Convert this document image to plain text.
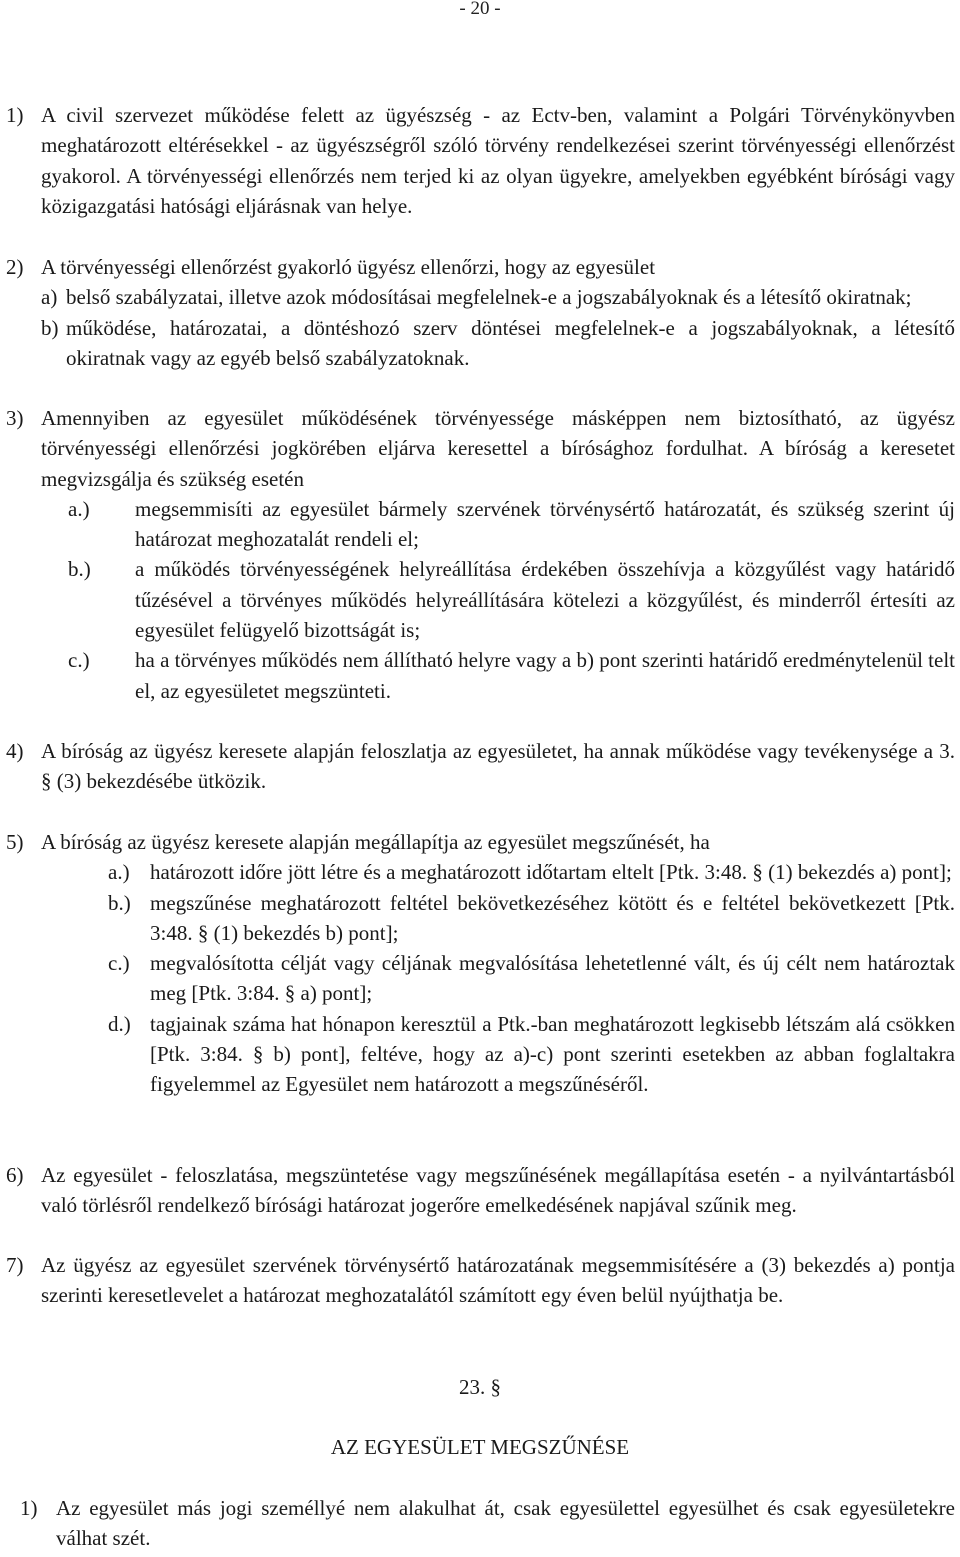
- 20 -
1) A civil szervezet működése felett az ügyészség - az Ectv-ben, valamint a Polgári Törvénykönyvben meghatározott eltérésekkel - az ügyészségről szóló törvény rendelkezései szerint törvényességi ellenőrzést gyakorol. A törvényességi ellenőrzés nem terjed ki az olyan ügyekre, amelyekben egyébként bírósági vagy közigazgatási hatósági eljárásnak van helye.
2) A törvényességi ellenőrzést gyakorló ügyész ellenőrzi, hogy az egyesület
a) belső szabályzatai, illetve azok módosításai megfelelnek-e a jogszabályoknak és a létesítő okiratnak;
b) működése, határozatai, a döntéshozó szerv döntései megfelelnek-e a jogszabályoknak, a létesítő okiratnak vagy az egyéb belső szabályzatoknak.
3) Amennyiben az egyesület működésének törvényessége másképpen nem biztosítható, az ügyész törvényességi ellenőrzési jogkörében eljárva keresettel a bírósághoz fordulhat. A bíróság a keresetet megvizsgálja és szükség esetén
a.) megsemmisíti az egyesület bármely szervének törvénysértő határozatát, és szükség szerint új határozat meghozatalát rendeli el;
b.) a működés törvényességének helyreállítása érdekében összehívja a közgyűlést vagy határidő tűzésével a törvényes működés helyreállítására kötelezi a közgyűlést, és minderről értesíti az egyesület felügyelő bizottságát is;
c.) ha a törvényes működés nem állítható helyre vagy a b) pont szerinti határidő eredménytelenül telt el, az egyesületet megszünteti.
4) A bíróság az ügyész keresete alapján feloszlatja az egyesületet, ha annak működése vagy tevékenysége a 3. § (3) bekezdésébe ütközik.
5) A bíróság az ügyész keresete alapján megállapítja az egyesület megszűnését, ha
a.) határozott időre jött létre és a meghatározott időtartam eltelt [Ptk. 3:48. § (1) bekezdés a) pont];
b.) megszűnése meghatározott feltétel bekövetkezéséhez kötött és e feltétel bekövetkezett [Ptk. 3:48. § (1) bekezdés b) pont];
c.) megvalósította célját vagy céljának megvalósítása lehetetlenné vált, és új célt nem határoztak meg [Ptk. 3:84. § a) pont];
d.) tagjainak száma hat hónapon keresztül a Ptk.-ban meghatározott legkisebb létszám alá csökken [Ptk. 3:84. § b) pont], feltéve, hogy az a)-c) pont szerinti esetekben az abban foglaltakra figyelemmel az Egyesület nem határozott a megszűnéséről.
6) Az egyesület - feloszlatása, megszüntetése vagy megszűnésének megállapítása esetén - a nyilvántartásból való törlésről rendelkező bírósági határozat jogerőre emelkedésének napjával szűnik meg.
7) Az ügyész az egyesület szervének törvénysértő határozatának megsemmisítésére a (3) bekezdés a) pontja szerinti keresetlevelet a határozat meghozatalától számított egy éven belül nyújthatja be.
23. §
AZ EGYESÜLET MEGSZŰNÉSE
1) Az egyesület más jogi személlyé nem alakulhat át, csak egyesülettel egyesülhet és csak egyesületekre válhat szét.
